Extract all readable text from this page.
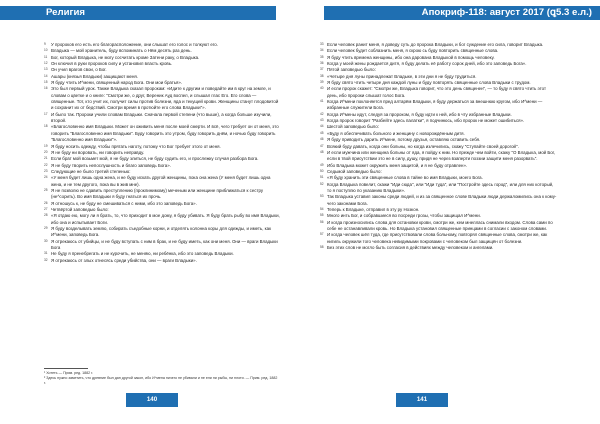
Религия
9 У пророков его есть его благорасположение, они слышат его голос и толкуют его.
10 Владыка — мой хранитель, буду вспоминать о Нём десять раз день.
11 Бог, который Владыка, не могу сосчитать кроме Затени раку, о Владыка.
12 Он ключил в руки пророков силу и установил власть кровь.
13 Он учил врагов свои, о Бог.
14 Ашары (князья Владыки) защищают меня.
15 Я буду чтить И^мени, священный народ Бога. Они мои братья».
16 Это был первый урок. Также Владыка сказал пророкам: «Идите к другим и поведайте им в круг на земле, и словам о цветке и о книге: "Смотри же, о друг, Вереник Ауд воспел, и слышал глас Его. Его слова — священные. Тот, кто учит их, получит силы против болезни, яда и текущей крови. Женщины станут плодовитой и сохранит их от бедствий. Смотри время в протюйте его слова Владыки"».
17 И было так. Пророки учили словам Владыки. Сначала первой степени (что выше), а когда больше изучили, второй.
18 «Благословенно имя Владыки. Может он оживить меня после моей смерти. И всё, чего требует он от меня, это говорить "Благословенно имя Владыки". Буду говорить это утром, буду говорить днём, и ночью буду говорить "Благословенно имя Владыки"».
19 Я буду носить одежду, чтобы прятать наготу, потому что Бог требует этого от меня.
20 Я не буду ни воровать, ни говорить неправду.
21 Если брат мой возьмет мой, я не буду злиться, не буду судить его, и прослежку случая разбора Бога.
22 Я не буду творить непослушность и благо заповедь Бога».
23 Следующие не было третий степенью:
24 «У меня будет лишь одна жена, и не буду искать другой женщины, пока она жена (У меня будет лишь одна жена, и не тем другого, пока вы в жив мне).
25 Я не позволю не сдавить преступлению (проклинимому) меченым или женщине приближаться к сестру (не^сорить). Во имя Владыки я буду гнаться их прочь.
26 Я отношусь к, не буду не смешиваться с ними, ибо это заповедь Бога».
27 Четвёртой заповедью было:
28 «Я отдаю ею, могу ли я брать, то, что приходит в мое дому, я буду убивать. Я буду брать рыбу во имя Владыки, ибо она и испытывает Боги.
29 Я буду возделывать землю, собирать съедобные корни, и отделять колонна коры для одежды, и иметь, как И^мени, заповедь Бога.
30 Я отрекаюсь от убийцы, и не буду вступать с ним в брак, и не буду иметь, как они меня. Они — враги Владыки Бога
31 Не буду я пренебрегать и не курочить, не меняю, ни ребёнка, ибо это заповедь Владыки.
32 Я отрекаюсь от злых отнесясь среди убийства, они — враги Владыки».
¹ Хотеть — Прим. ред. 1882 г.
² Здесь нужно заметить, что древние был дан другой закон, ибо И^мена ничего не убивали и не ели ни рыбы, ни плоти. — Прим. ред. 1882 г.
140
Апокриф-118: август 2017 (ꝗ5.3 е.л.)
33 Если человек ранит меня, я доведу суть до пророка Владыки, и бог суждение его сила, говорит Владыка.
34 Если человек будет соблазнить меня, я скрою сь буду повторить священные слова.
35 Я буду чтить времена женщины, ибо она дарована Владыкой в помощь человеку.
36 Когда у моей жены рождается дитя, я буду делать её работу сорок дней, ибо это заповедь Бога».
37 Пятой заповедью было:
38 «Четыре дня луны принадлежат Владыке, в эти дни я не буду трудиться.
39 Я буду свято чтить четыре дня каждой луны и буду повторять священные слова Владыки с трудом.
40 И если пророк скажет: "Смотри же, Владыка говорит, что это день священен", — то буду я свято чтить этот день, ибо пророки слышат голос Бога.
41 Когда И^мени поклоняется пред алтарём Владыки, я буду держаться за внешнюю кругом, ибо И^мени — избранные служители Бога.
42 Когда И^мены идут, следуя за пророком, я буду идти к ней, ибо в чту избранные Владыки.
43 Когда пророк говорит "Разбейте здесь палатки", я подчинюсь, ибо пророк не может ошибиться».
44 Шестой заповедью было:
45 «Буду я обеспечивать больного и женщину с новорождённым дитя.
46 Я буду приводить дарить И^мене, потому друзья, оставляю оставить себя.
47 Всякий буду давать, когда они больны, но когда излечились, скажу "Ступайте своей дорогой".
48 И если мужчина или женщина больны от яда, я пойду к ним. Но прежде чем войти, скажу "О Владыка, мой Бог, если в твой присутствии это не в силу, душу, придя не через взаперти поэзии защити меня разорвать".
49 Ибо Владыка может окружить меня защитой, и я не буду отравлен».
50 Седьмой заповедью было:
51 «Я буду хранить эти священные слова в тайне во имя Владыки, моего Бога.
52 Когда Владыка повелит, скажи "Иди сюда", или "Иди туда", или "Постройте здесь город", или для них который, то я поступлю по указанию Владыки».
53 Так Владыка уставил законы среди людей, и из за священное слове Владыки люди держаломились она к кому-чего законами Бога.
54 Теперь к Владыке, отправил в эту ру Ноэкон.
55 Много инть Бог, и собравшиеся во посреди грозы, чтобы защищал И^мени.
56 И когда произносились слова для остановки крови, смотри же, кем мнеллась снимали входом. Слова сами по себе не останавливали кровь. Но Владыка установил священные принцами в согласии с законом словами.
57 И когда человек шёл туда, где присутствовали слова больному, повторял священные слова, смотри же, как нигиль окружили того человека невидимыми покровами с человеком был защищён от болезни.
58 Без этих слов не могло быть согласия в действиях между человеком и ангелами.
141
